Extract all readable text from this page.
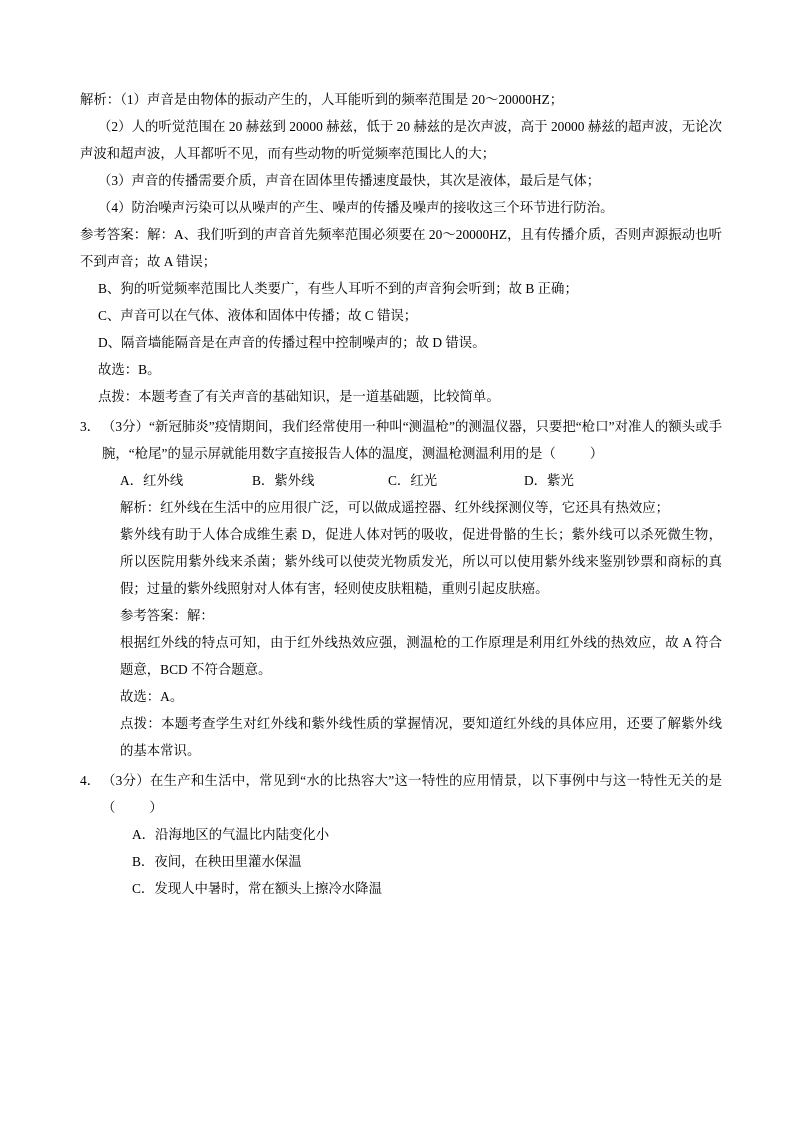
解析：（1）声音是由物体的振动产生的，人耳能听到的频率范围是 20～20000HZ；

（2）人的听觉范围在 20 赫兹到 20000 赫兹，低于 20 赫兹的是次声波，高于 20000 赫兹的超声波，无论次声波和超声波，人耳都听不见，而有些动物的听觉频率范围比人的大；

（3）声音的传播需要介质，声音在固体里传播速度最快，其次是液体，最后是气体；

（4）防治噪声污染可以从噪声的产生、噪声的传播及噪声的接收这三个环节进行防治。

参考答案：解：A、我们听到的声音首先频率范围必须要在 20～20000HZ，且有传播介质，否则声源振动也听不到声音；故 A 错误；

B、狗的听觉频率范围比人类要广，有些人耳听不到的声音狗会听到；故 B 正确；

C、声音可以在气体、液体和固体中传播；故 C 错误；

D、隔音墙能隔音是在声音的传播过程中控制噪声的；故 D 错误。

故选：B。

点拨：本题考查了有关声音的基础知识，是一道基础题，比较简单。

3． （3分）“新冠肺炎”疫情期间，我们经常使用一种叫“测温枪”的测温仪器，只要把“枪口”对准人的额头或手腕，“枪尾”的显示屏就能用数字直接报告人体的温度，测温枪测温利用的是（	）
A．红外线	B．紫外线	C．红光	D．紫光

解析：红外线在生活中的应用很广泛，可以做成遥控器、红外线探测仪等，它还具有热效应；

紫外线有助于人体合成维生素 D，促进人体对钙的吸收，促进骨骼的生长；紫外线可以杀死微生物，所以医院用紫外线来杀菌；紫外线可以使荧光物质发光，所以可以使用紫外线来鉴别钞票和商标的真假；过量的紫外线照射对人体有害，轻则使皮肤粗糙，重则引起皮肤癌。

参考答案：解：

根据红外线的特点可知，由于红外线热效应强，测温枪的工作原理是利用红外线的热效应，故 A 符合题意，BCD 不符合题意。

故选：A。

点拨：本题考查学生对红外线和紫外线性质的掌握情况，要知道红外线的具体应用，还要了解紫外线的基本常识。

4． （3分）在生产和生活中，常见到“水的比热容大”这一特性的应用情景，以下事例中与这一特性无关的是（	）
A．沿海地区的气温比内陆变化小
B．夜间，在秧田里灌水保温
C．发现人中暑时，常在额头上擦冷水降温
